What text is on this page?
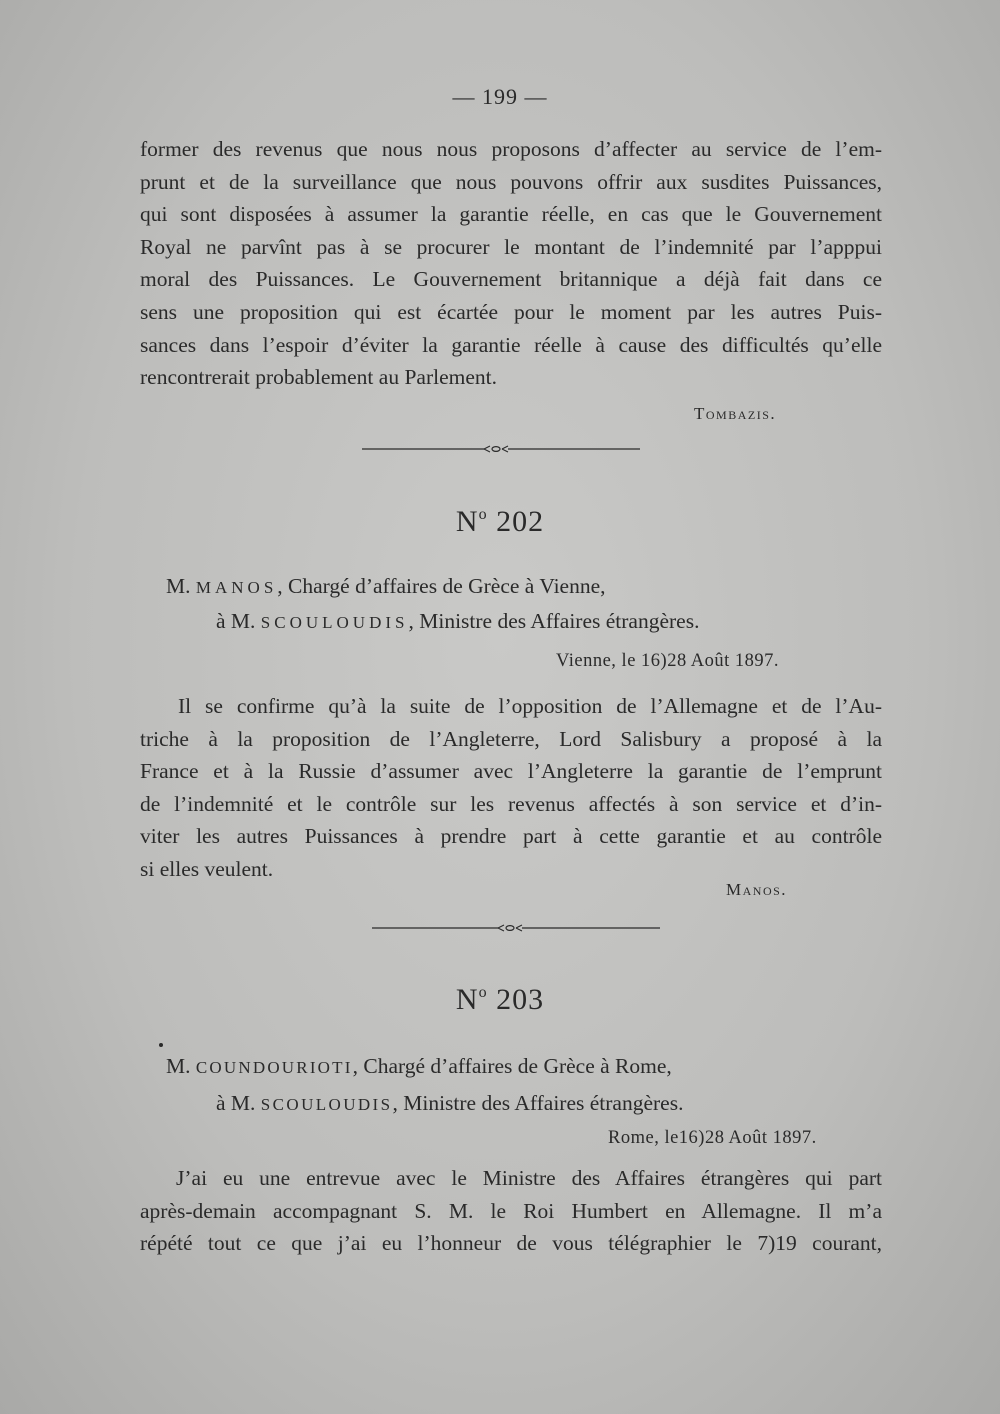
— 199 —
former des revenus que nous nous proposons d’affecter au service de l’em-
prunt et de la surveillance que nous pouvons offrir aux susdites Puissances,
qui sont disposées à assumer la garantie réelle, en cas que le Gouvernement
Royal ne parvînt pas à se procurer le montant de l’indemnité par l’apppui
moral des Puissances. Le Gouvernement britannique a déjà fait dans ce
sens une proposition qui est écartée pour le moment par les autres Puis-
sances dans l’espoir d’éviter la garantie réelle à cause des difficultés qu’elle
rencontrerait probablement au Parlement.
Tombazis.
$N^o$ 202
M. MANOS, Chargé d’affaires de Grèce à Vienne,
à M. SCOULOUDIS, Ministre des Affaires étrangères.
Vienne, le 16)28 Août 1897.
Il se confirme qu’à la suite de l’opposition de l’Allemagne et de l’Au-
triche à la proposition de l’Angleterre, Lord Salisbury a proposé à la
France et à la Russie d’assumer avec l’Angleterre la garantie de l’emprunt
de l’indemnité et le contrôle sur les revenus affectés à son service et d’in-
viter les autres Puissances à prendre part à cette garantie et au contrôle
si elles veulent.
Manos.
$N^o$ 203
M. COUNDOURIOTI, Chargé d’affaires de Grèce à Rome,
à M. SCOULOUDIS, Ministre des Affaires étrangères.
Rome, le16)28 Août 1897.
J’ai eu une entrevue avec le Ministre des Affaires étrangères qui part
après-demain accompagnant S. M. le Roi Humbert en Allemagne. Il m’a
répété tout ce que j’ai eu l’honneur de vous télégraphier le 7)19 courant,
